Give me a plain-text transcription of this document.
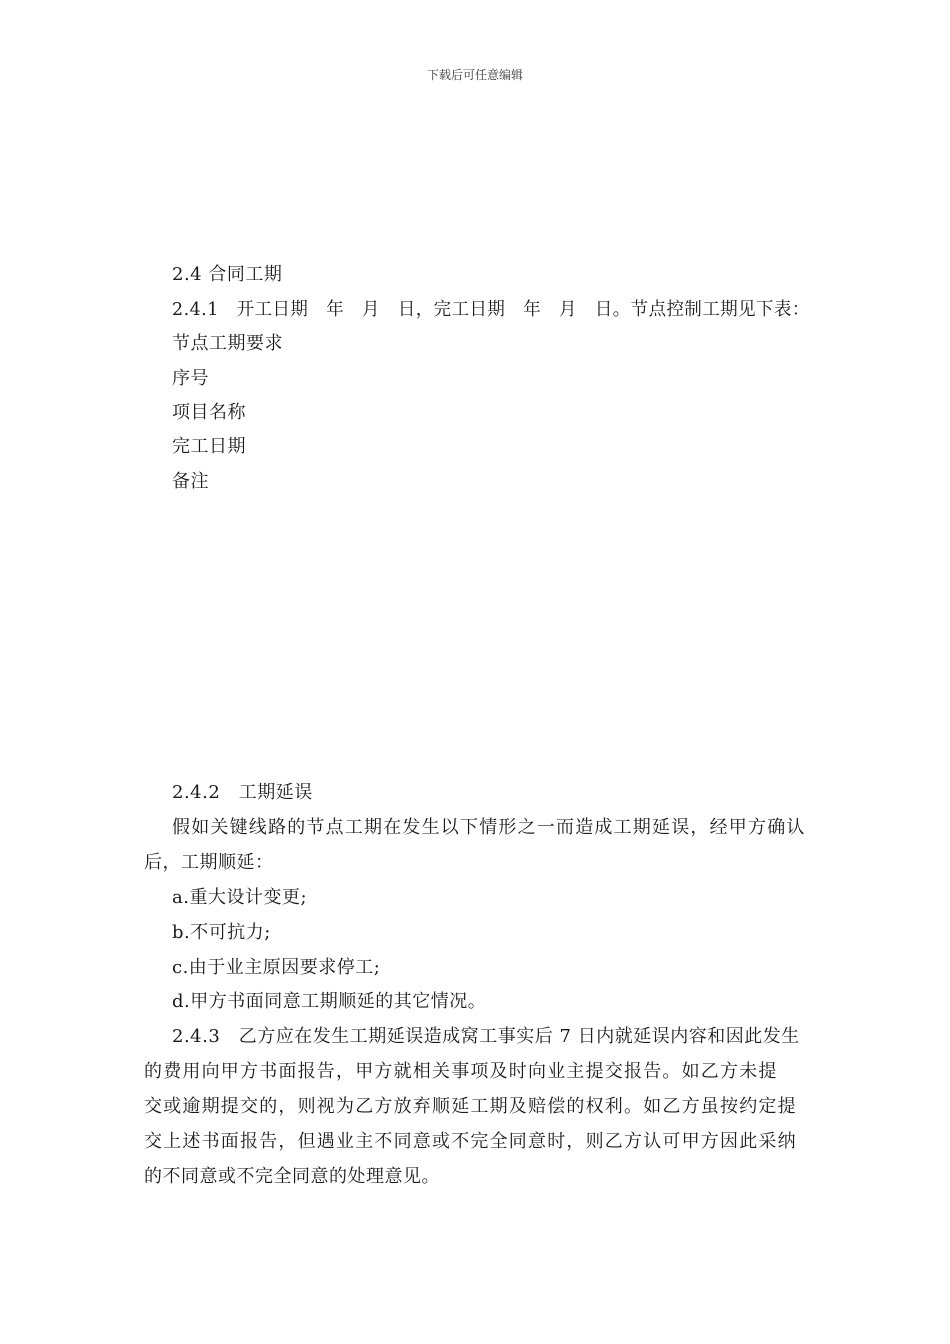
下载后可任意编辑
2.4 合同工期
2.4.1　开工日期　年　月　日，完工日期　年　月　日。节点控制工期见下表：
节点工期要求
序号
项目名称
完工日期
备注
2.4.2　工期延误
假如关键线路的节点工期在发生以下情形之一而造成工期延误，经甲方确认
后，工期顺延：
a.重大设计变更;
b.不可抗力;
c.由于业主原因要求停工;
d.甲方书面同意工期顺延的其它情况。
2.4.3　乙方应在发生工期延误造成窝工事实后 7 日内就延误内容和因此发生
的费用向甲方书面报告，甲方就相关事项及时向业主提交报告。如乙方未提
交或逾期提交的，则视为乙方放弃顺延工期及赔偿的权利。如乙方虽按约定提
交上述书面报告，但遇业主不同意或不完全同意时，则乙方认可甲方因此采纳
的不同意或不完全同意的处理意见。
